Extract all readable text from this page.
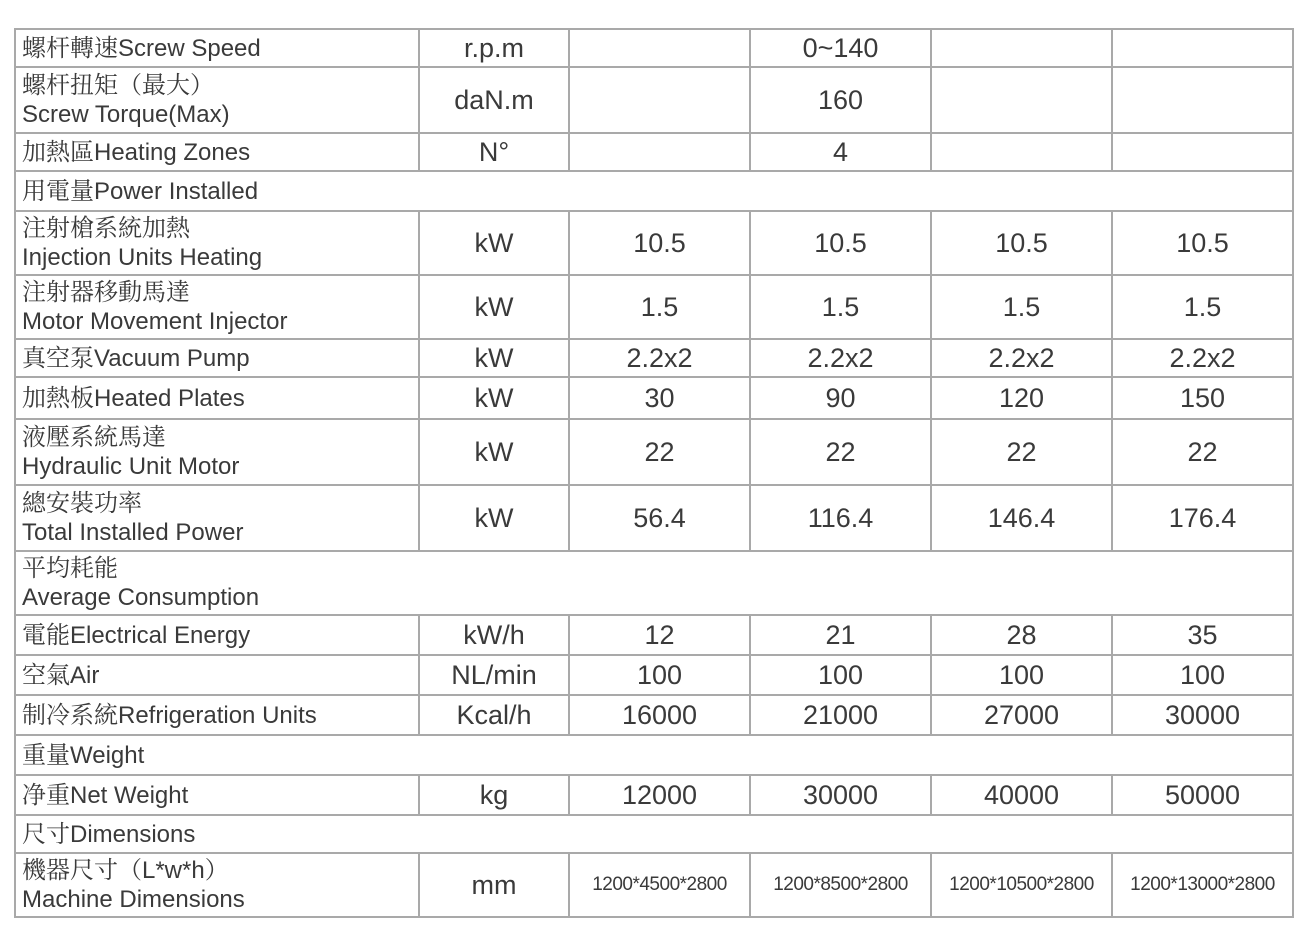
螺杆轉速Screw Speed	r.p.m		0~140		

螺杆扭矩（最大）
Screw Torque(Max)	daN.m		160		
加熱區Heating Zones	N°		4		
用電量Power Installed					

注射槍系統加熱
Injection Units Heating	kW	10.5	10.5	10.5	10.5

注射器移動馬達
Motor Movement Injector	kW	1.5	1.5	1.5	1.5
真空泵Vacuum Pump	kW	2.2x2	2.2x2	2.2x2	2.2x2
加熱板Heated Plates	kW	30	90	120	150

液壓系統馬達
Hydraulic Unit Motor	kW	22	22	22	22

總安裝功率
Total Installed Power	kW	56.4	116.4	146.4	176.4

平均耗能
Average Consumption					

電能Electrical Energy	kW/h	12	21	28	35
空氣Air	NL/min	100	100	100	100
制冷系統Refrigeration Units	Kcal/h	16000	21000	27000	30000
重量Weight					
净重Net Weight	kg	12000	30000	40000	50000
尺寸Dimensions					

機器尺寸（L*w*h）
Machine Dimensions	mm	1200*4500*2800	1200*8500*2800	1200*10500*2800	1200*13000*2800
